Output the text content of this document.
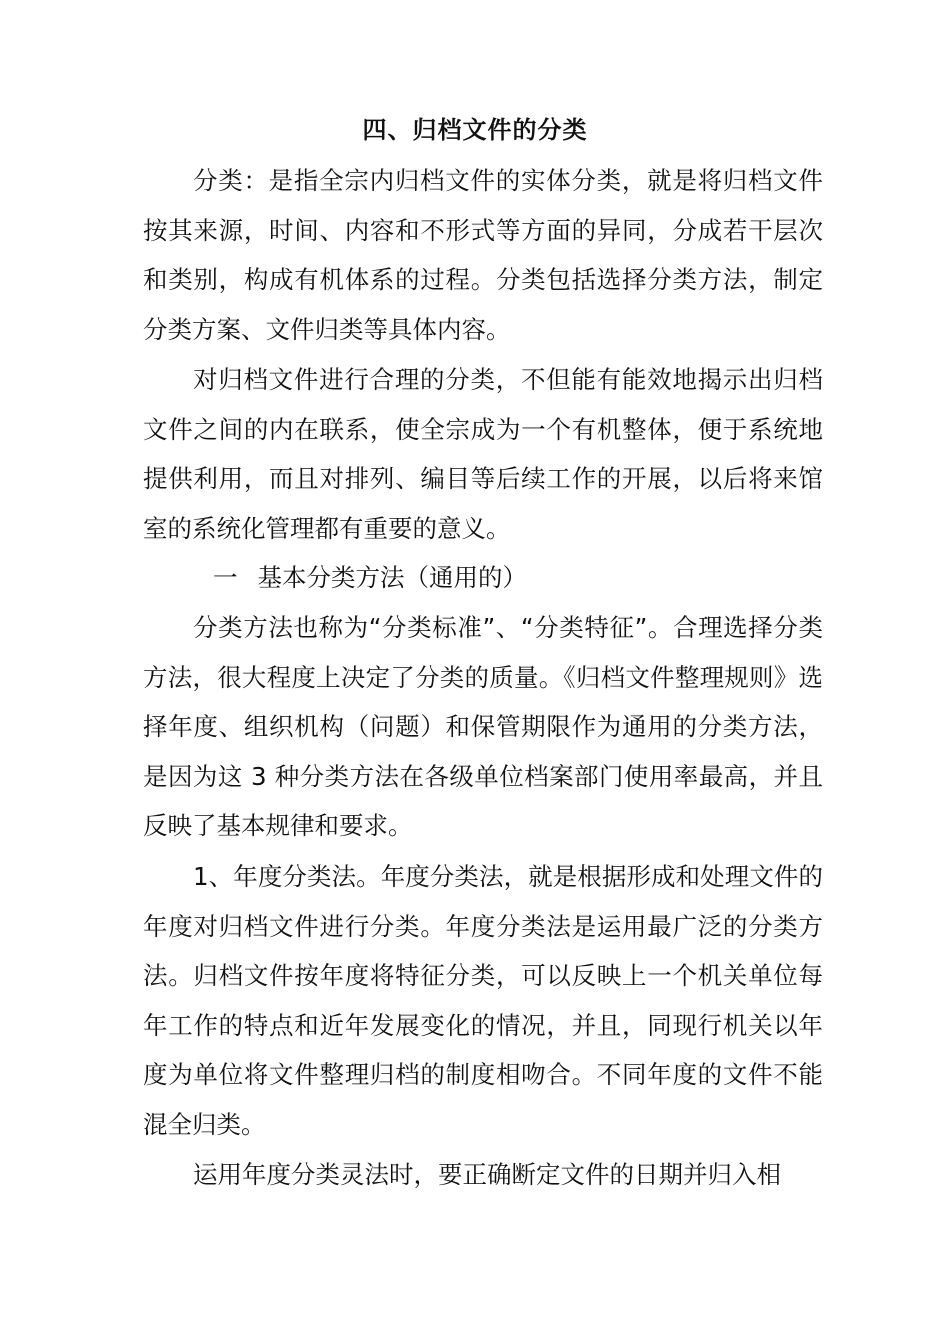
四、归档文件的分类

分类：是指全宗内归档文件的实体分类，就是将归档文件按其来源，时间、内容和不形式等方面的异同，分成若干层次和类别，构成有机体系的过程。分类包括选择分类方法，制定分类方案、文件归类等具体内容。

对归档文件进行合理的分类，不但能有能效地揭示出归档文件之间的内在联系，使全宗成为一个有机整体，便于系统地提供利用，而且对排列、编目等后续工作的开展，以后将来馆室的系统化管理都有重要的意义。

一 基本分类方法（通用的）

分类方法也称为“分类标准”、“分类特征”。合理选择分类方法，很大程度上决定了分类的质量。《归档文件整理规则》选择年度、组织机构（问题）和保管期限作为通用的分类方法，是因为这 3 种分类方法在各级单位档案部门使用率最高，并且反映了基本规律和要求。

1、年度分类法。年度分类法，就是根据形成和处理文件的年度对归档文件进行分类。年度分类法是运用最广泛的分类方法。归档文件按年度将特征分类，可以反映上一个机关单位每年工作的特点和近年发展变化的情况，并且，同现行机关以年度为单位将文件整理归档的制度相吻合。不同年度的文件不能混全归类。

运用年度分类灵法时，要正确断定文件的日期并归入相
